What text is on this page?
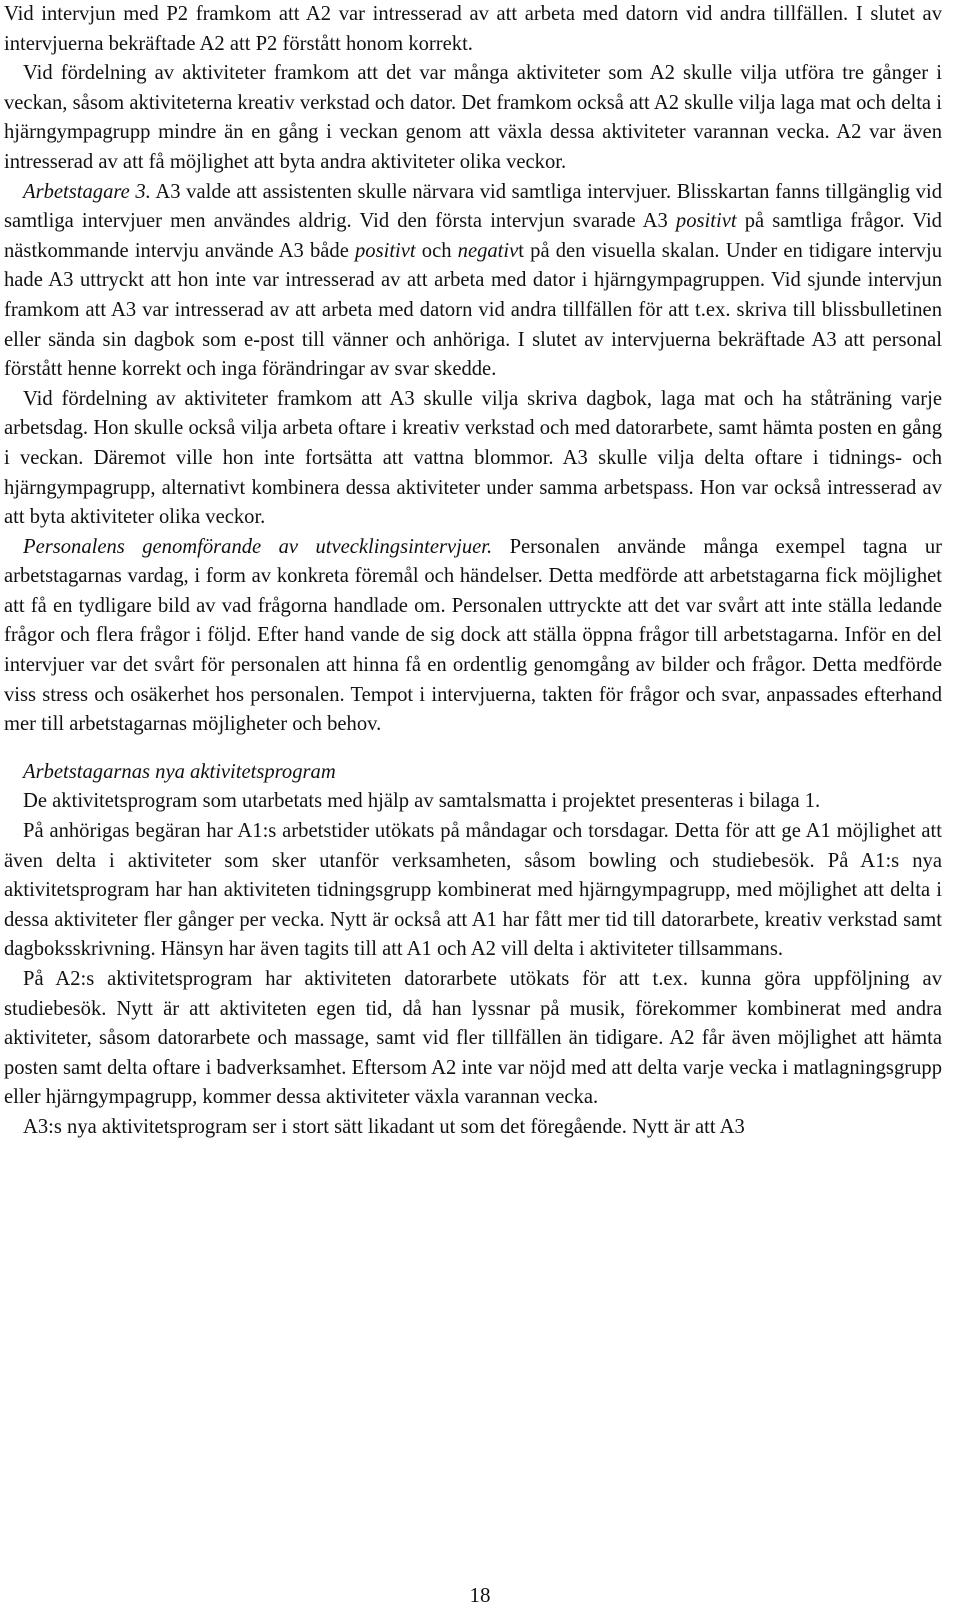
Vid intervjun med P2 framkom att A2 var intresserad av att arbeta med datorn vid andra tillfällen. I slutet av intervjuerna bekräftade A2 att P2 förstått honom korrekt.

Vid fördelning av aktiviteter framkom att det var många aktiviteter som A2 skulle vilja utföra tre gånger i veckan, såsom aktiviteterna kreativ verkstad och dator. Det framkom också att A2 skulle vilja laga mat och delta i hjärngympagrupp mindre än en gång i veckan genom att växla dessa aktiviteter varannan vecka. A2 var även intresserad av att få möjlighet att byta andra aktiviteter olika veckor.

Arbetstagare 3. A3 valde att assistenten skulle närvara vid samtliga intervjuer. Blisskartan fanns tillgänglig vid samtliga intervjuer men användes aldrig. Vid den första intervjun svarade A3 positivt på samtliga frågor. Vid nästkommande intervju använde A3 både positivt och negativt på den visuella skalan. Under en tidigare intervju hade A3 uttryckt att hon inte var intresserad av att arbeta med dator i hjärngympagruppen. Vid sjunde intervjun framkom att A3 var intresserad av att arbeta med datorn vid andra tillfällen för att t.ex. skriva till blissbulletinen eller sända sin dagbok som e-post till vänner och anhöriga. I slutet av intervjuerna bekräftade A3 att personal förstått henne korrekt och inga förändringar av svar skedde.

Vid fördelning av aktiviteter framkom att A3 skulle vilja skriva dagbok, laga mat och ha ståträning varje arbetsdag. Hon skulle också vilja arbeta oftare i kreativ verkstad och med datorarbete, samt hämta posten en gång i veckan. Däremot ville hon inte fortsätta att vattna blommor. A3 skulle vilja delta oftare i tidnings- och hjärngympagrupp, alternativt kombinera dessa aktiviteter under samma arbetspass. Hon var också intresserad av att byta aktiviteter olika veckor.

Personalens genomförande av utvecklingsintervjuer. Personalen använde många exempel tagna ur arbetstagarnas vardag, i form av konkreta föremål och händelser. Detta medförde att arbetstagarna fick möjlighet att få en tydligare bild av vad frågorna handlade om. Personalen uttryckte att det var svårt att inte ställa ledande frågor och flera frågor i följd. Efter hand vande de sig dock att ställa öppna frågor till arbetstagarna. Inför en del intervjuer var det svårt för personalen att hinna få en ordentlig genomgång av bilder och frågor. Detta medförde viss stress och osäkerhet hos personalen. Tempot i intervjuerna, takten för frågor och svar, anpassades efterhand mer till arbetstagarnas möjligheter och behov.

Arbetstagarnas nya aktivitetsprogram

De aktivitetsprogram som utarbetats med hjälp av samtalsmatta i projektet presenteras i bilaga 1.

På anhörigas begäran har A1:s arbetstider utökats på måndagar och torsdagar. Detta för att ge A1 möjlighet att även delta i aktiviteter som sker utanför verksamheten, såsom bowling och studiebesök. På A1:s nya aktivitetsprogram har han aktiviteten tidningsgrupp kombinerat med hjärngympagrupp, med möjlighet att delta i dessa aktiviteter fler gånger per vecka. Nytt är också att A1 har fått mer tid till datorarbete, kreativ verkstad samt dagboksskrivning. Hänsyn har även tagits till att A1 och A2 vill delta i aktiviteter tillsammans.

På A2:s aktivitetsprogram har aktiviteten datorarbete utökats för att t.ex. kunna göra uppföljning av studiebesök. Nytt är att aktiviteten egen tid, då han lyssnar på musik, förekommer kombinerat med andra aktiviteter, såsom datorarbete och massage, samt vid fler tillfällen än tidigare. A2 får även möjlighet att hämta posten samt delta oftare i badverksamhet. Eftersom A2 inte var nöjd med att delta varje vecka i matlagningsgrupp eller hjärngympagrupp, kommer dessa aktiviteter växla varannan vecka.

A3:s nya aktivitetsprogram ser i stort sätt likadant ut som det föregående. Nytt är att A3

18
